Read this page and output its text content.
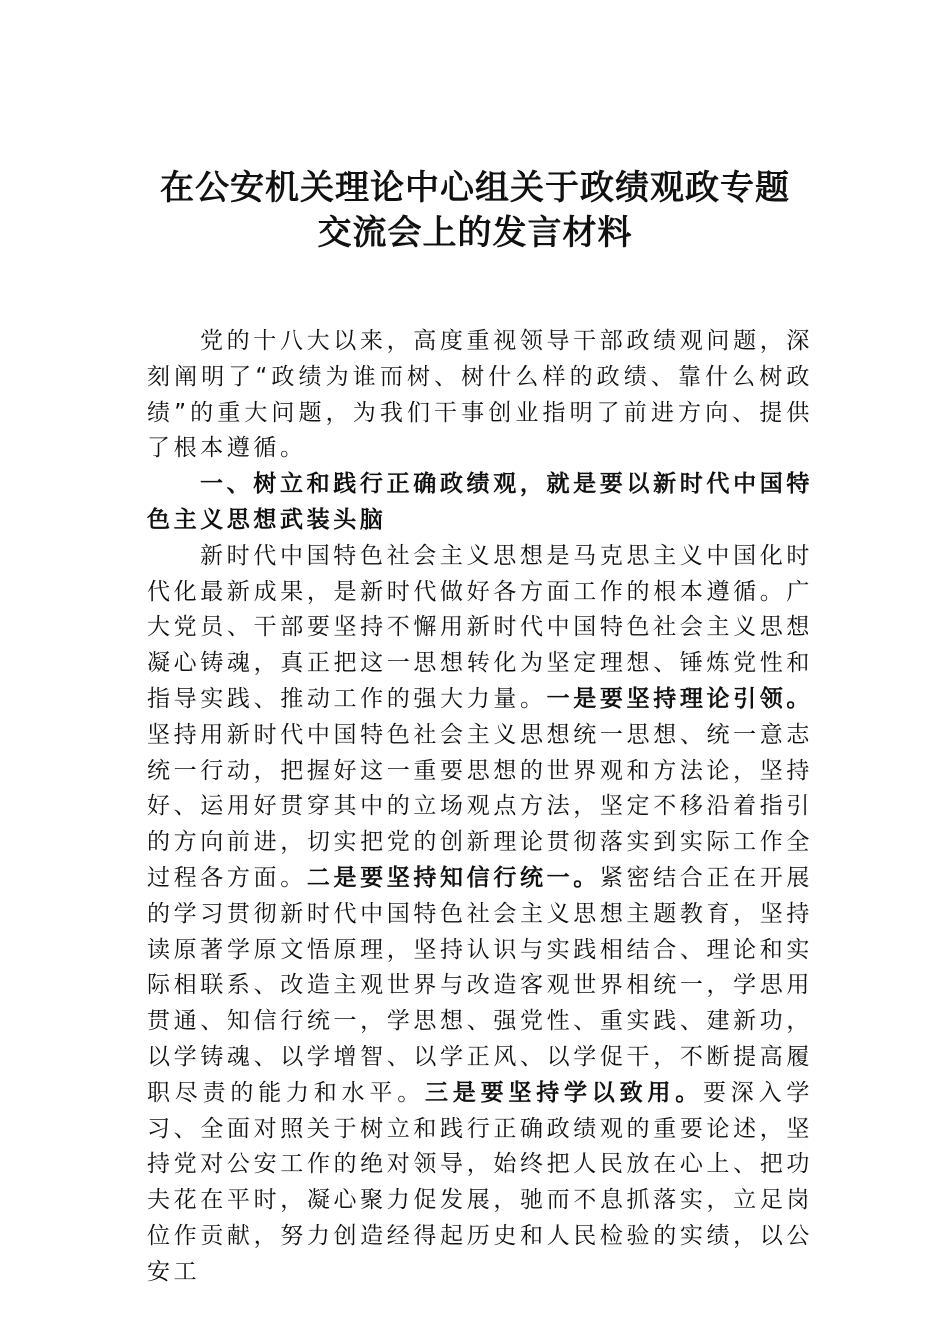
在公安机关理论中心组关于政绩观政专题
交流会上的发言材料

党的十八大以来，高度重视领导干部政绩观问题，深刻阐明了“政绩为谁而树、树什么样的政绩、靠什么树政绩”的重大问题，为我们干事创业指明了前进方向、提供了根本遵循。

一、树立和践行正确政绩观，就是要以新时代中国特色主义思想武装头脑

新时代中国特色社会主义思想是马克思主义中国化时代化最新成果，是新时代做好各方面工作的根本遵循。广大党员、干部要坚持不懈用新时代中国特色社会主义思想凝心铸魂，真正把这一思想转化为坚定理想、锤炼党性和指导实践、推动工作的强大力量。一是要坚持理论引领。坚持用新时代中国特色社会主义思想统一思想、统一意志统一行动，把握好这一重要思想的世界观和方法论，坚持好、运用好贯穿其中的立场观点方法，坚定不移沿着指引的方向前进，切实把党的创新理论贯彻落实到实际工作全过程各方面。二是要坚持知信行统一。紧密结合正在开展的学习贯彻新时代中国特色社会主义思想主题教育，坚持读原著学原文悟原理，坚持认识与实践相结合、理论和实际相联系、改造主观世界与改造客观世界相统一，学思用贯通、知信行统一，学思想、强党性、重实践、建新功，以学铸魂、以学增智、以学正风、以学促干，不断提高履职尽责的能力和水平。三是要坚持学以致用。要深入学习、全面对照关于树立和践行正确政绩观的重要论述，坚持党对公安工作的绝对领导，始终把人民放在心上、把功夫花在平时，凝心聚力促发展，驰而不息抓落实，立足岗位作贡献，努力创造经得起历史和人民检验的实绩，以公安工
